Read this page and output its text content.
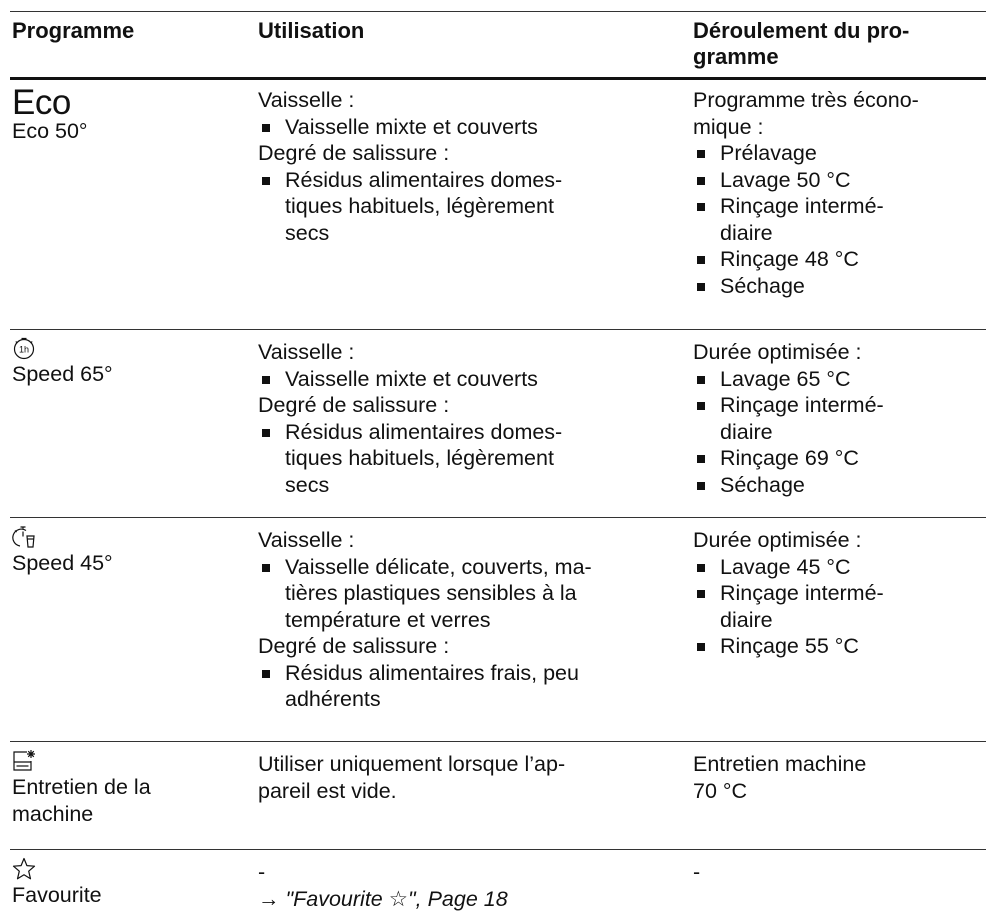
Programme	Utilisation	Déroulement du pro-
gramme
Eco
Eco 50°
Vaisselle :
Vaisselle mixte et couverts
Degré de salissure :
Résidus alimentaires domes-
tiques habituels, légèrement
secs
Programme très écono-
mique :
Prélavage
Lavage 50 °C
Rinçage intermé-
diaire
Rinçage 48 °C
Séchage
1h
Speed 65°
Vaisselle :
Vaisselle mixte et couverts
Degré de salissure :
Résidus alimentaires domes-
tiques habituels, légèrement
secs
Durée optimisée :
Lavage 65 °C
Rinçage intermé-
diaire
Rinçage 69 °C
Séchage
Speed 45°
Vaisselle :
Vaisselle délicate, couverts, ma-
tières plastiques sensibles à la
température et verres
Degré de salissure :
Résidus alimentaires frais, peu
adhérents
Durée optimisée :
Lavage 45 °C
Rinçage intermé-
diaire
Rinçage 55 °C
Entretien de la
machine
Utiliser uniquement lorsque l’ap-
pareil est vide.
Entretien machine
70 °C
Favourite
-
→ "Favourite ☆", Page 18
-
